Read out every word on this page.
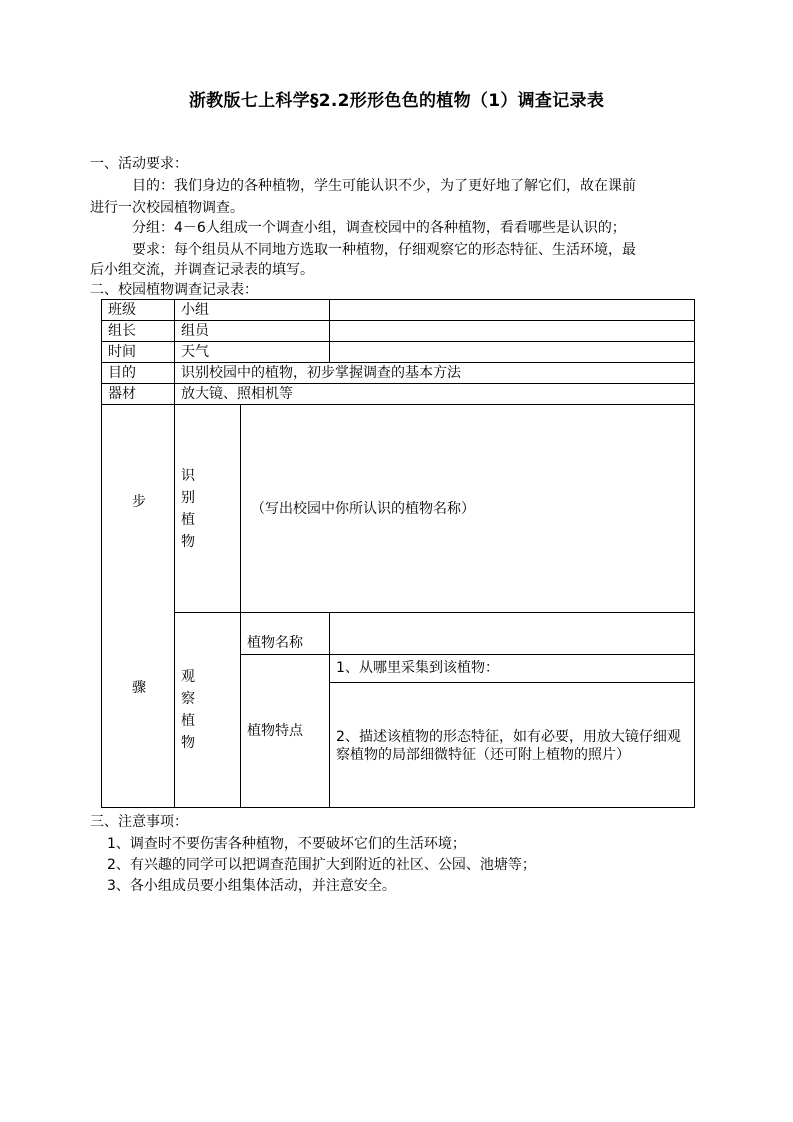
浙教版七上科学§2.2形形色色的植物（1）调查记录表
一、活动要求：
目的：我们身边的各种植物，学生可能认识不少，为了更好地了解它们，故在课前
进行一次校园植物调查。
分组：4－6人组成一个调查小组，调查校园中的各种植物，看看哪些是认识的；
要求：每个组员从不同地方选取一种植物，仔细观察它的形态特征、生活环境，最
后小组交流，并调查记录表的填写。
二、校园植物调查记录表：
班级	小组		
组长	组员		
时间	天气		
目的	识别校园中的植物，初步掌握调查的基本方法		
器材	放大镜、照相机等		

步
骤	识别植物	（写出校园中你所认识的植物名称）	

	观察植物	植物名称	
		植物特点	1、从哪里采集到该植物：
			2、描述该植物的形态特征，如有必要，用放大镜仔细观察植物的局部细微特征（还可附上植物的照片）
三、注意事项：
1、调查时不要伤害各种植物，不要破坏它们的生活环境；
2、有兴趣的同学可以把调查范围扩大到附近的社区、公园、池塘等；
3、各小组成员要小组集体活动，并注意安全。
